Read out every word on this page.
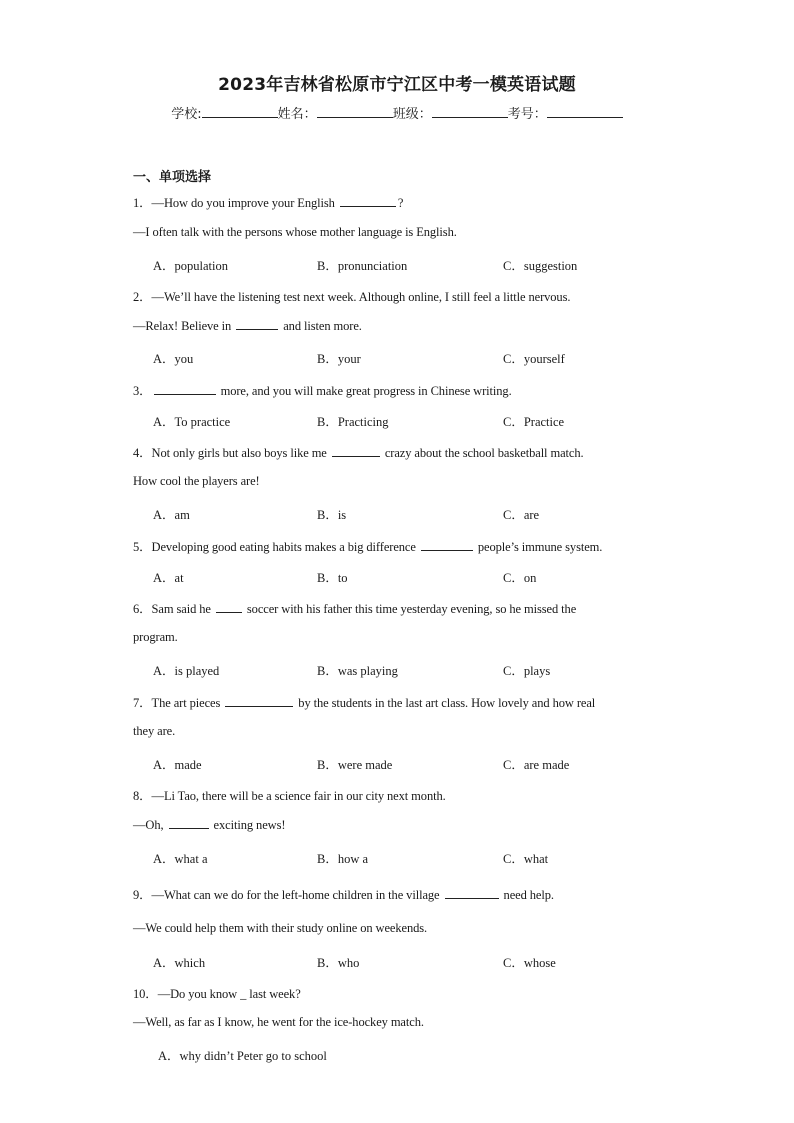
2023年吉林省松原市宁江区中考一模英语试题
学校:	姓名：	班级：	考号：
一、单项选择
1．—How do you improve your English	?
—I often talk with the persons whose mother language is English.
A．population	B．pronunciation	C．suggestion
2．—We’ll have the listening test next week. Although online, I still feel a little nervous.
—Relax! Believe in	and listen more.
A．you	B．your	C．yourself
3．	more, and you will make great progress in Chinese writing.
A．To practice	B．Practicing	C．Practice
4．Not only girls but also boys like me	crazy about the school basketball match.
How cool the players are!
A．am	B．is	C．are
5．Developing good eating habits makes a big difference	people’s immune system.
A．at	B．to	C．on
6．Sam said he  soccer with his father this time yesterday evening, so he missed the
program.
A．is played	B．was playing	C．plays
7．The art pieces	by the students in the last art class. How lovely and how real
they are.
A．made	B．were made	C．are made
8．—Li Tao, there will be a science fair in our city next month.
—Oh,	exciting news!
A．what a	B．how a	C．what
9．—What can we do for the left-home children in the village	need help.
—We could help them with their study online on weekends.
A．which	B．who	C．whose
10．—Do you know _ last week?
—Well, as far as I know, he went for the ice-hockey match.
A．why didn’t Peter go to school
